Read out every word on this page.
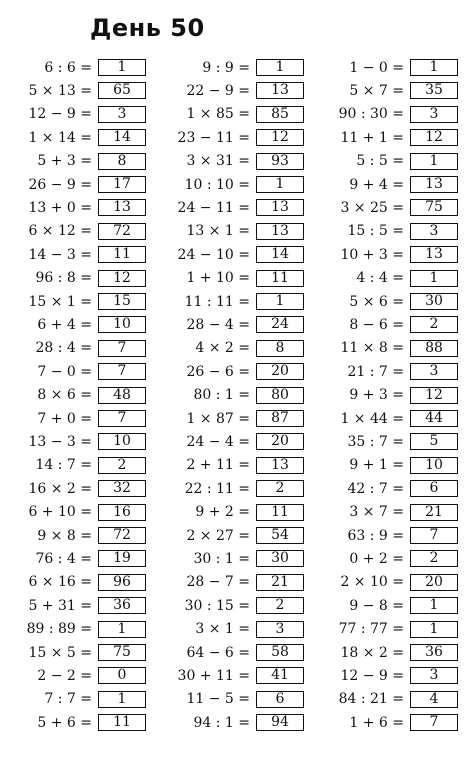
День 50
6 : 6 =	1
5 × 13 =	65
12 − 9 =	3
1 × 14 =	14
5 + 3 =	8
26 − 9 =	17
13 + 0 =	13
6 × 12 =	72
14 − 3 =	11
96 : 8 =	12
15 × 1 =	15
6 + 4 =	10
28 : 4 =	7
7 − 0 =	7
8 × 6 =	48
7 + 0 =	7
13 − 3 =	10
14 : 7 =	2
16 × 2 =	32
6 + 10 =	16
9 × 8 =	72
76 : 4 =	19
6 × 16 =	96
5 + 31 =	36
89 : 89 =	1
15 × 5 =	75
2 − 2 =	0
7 : 7 =	1
5 + 6 =	11
9 : 9 =	1
22 − 9 =	13
1 × 85 =	85
23 − 11 =	12
3 × 31 =	93
10 : 10 =	1
24 − 11 =	13
13 × 1 =	13
24 − 10 =	14
1 + 10 =	11
11 : 11 =	1
28 − 4 =	24
4 × 2 =	8
26 − 6 =	20
80 : 1 =	80
1 × 87 =	87
24 − 4 =	20
2 + 11 =	13
22 : 11 =	2
9 + 2 =	11
2 × 27 =	54
30 : 1 =	30
28 − 7 =	21
30 : 15 =	2
3 × 1 =	3
64 − 6 =	58
30 + 11 =	41
11 − 5 =	6
94 : 1 =	94
1 − 0 =	1
5 × 7 =	35
90 : 30 =	3
11 + 1 =	12
5 : 5 =	1
9 + 4 =	13
3 × 25 =	75
15 : 5 =	3
10 + 3 =	13
4 : 4 =	1
5 × 6 =	30
8 − 6 =	2
11 × 8 =	88
21 : 7 =	3
9 + 3 =	12
1 × 44 =	44
35 : 7 =	5
9 + 1 =	10
42 : 7 =	6
3 × 7 =	21
63 : 9 =	7
0 + 2 =	2
2 × 10 =	20
9 − 8 =	1
77 : 77 =	1
18 × 2 =	36
12 − 9 =	3
84 : 21 =	4
1 + 6 =	7
